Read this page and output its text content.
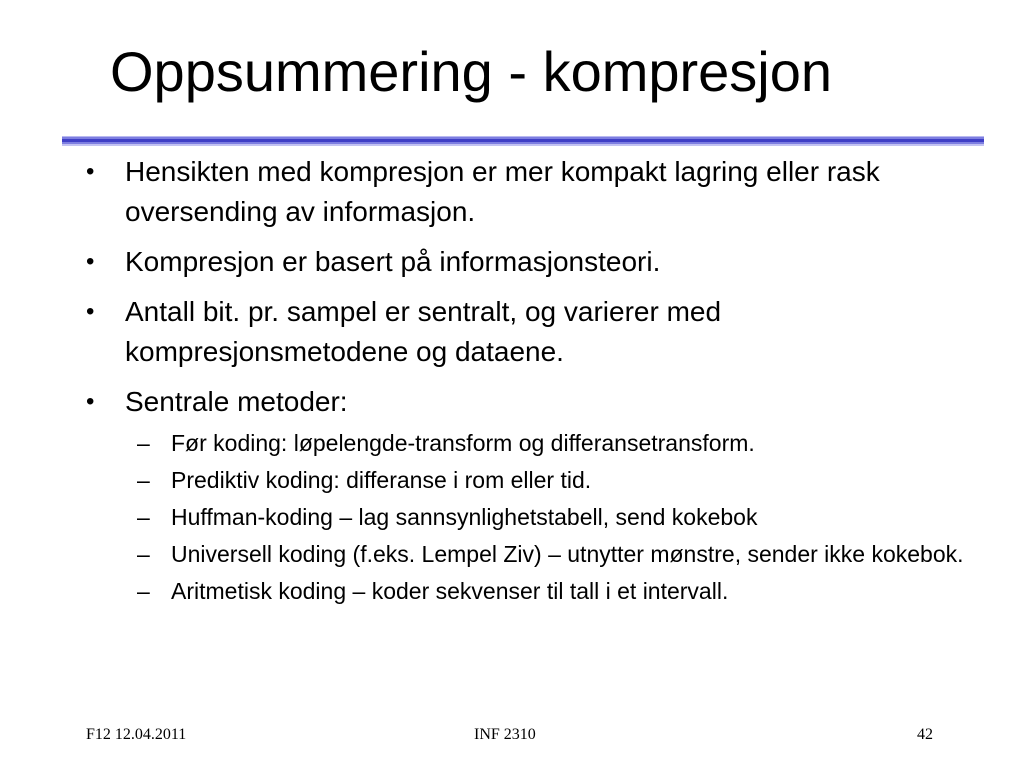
Oppsummering - kompresjon
• Hensikten med kompresjon er mer kompakt lagring eller rask oversending av informasjon.
• Kompresjon er basert på informasjonsteori.
• Antall bit. pr. sampel er sentralt, og varierer med kompresjonsmetodene og dataene.
• Sentrale metoder:
– Før koding: løpelengde-transform og differansetransform.
– Prediktiv koding: differanse i rom eller tid.
– Huffman-koding – lag sannsynlighetstabell, send kokebok
– Universell koding (f.eks. Lempel Ziv) – utnytter mønstre, sender ikke kokebok.
– Aritmetisk koding – koder sekvenser til tall i et intervall.
F12 12.04.2011	INF 2310	42
